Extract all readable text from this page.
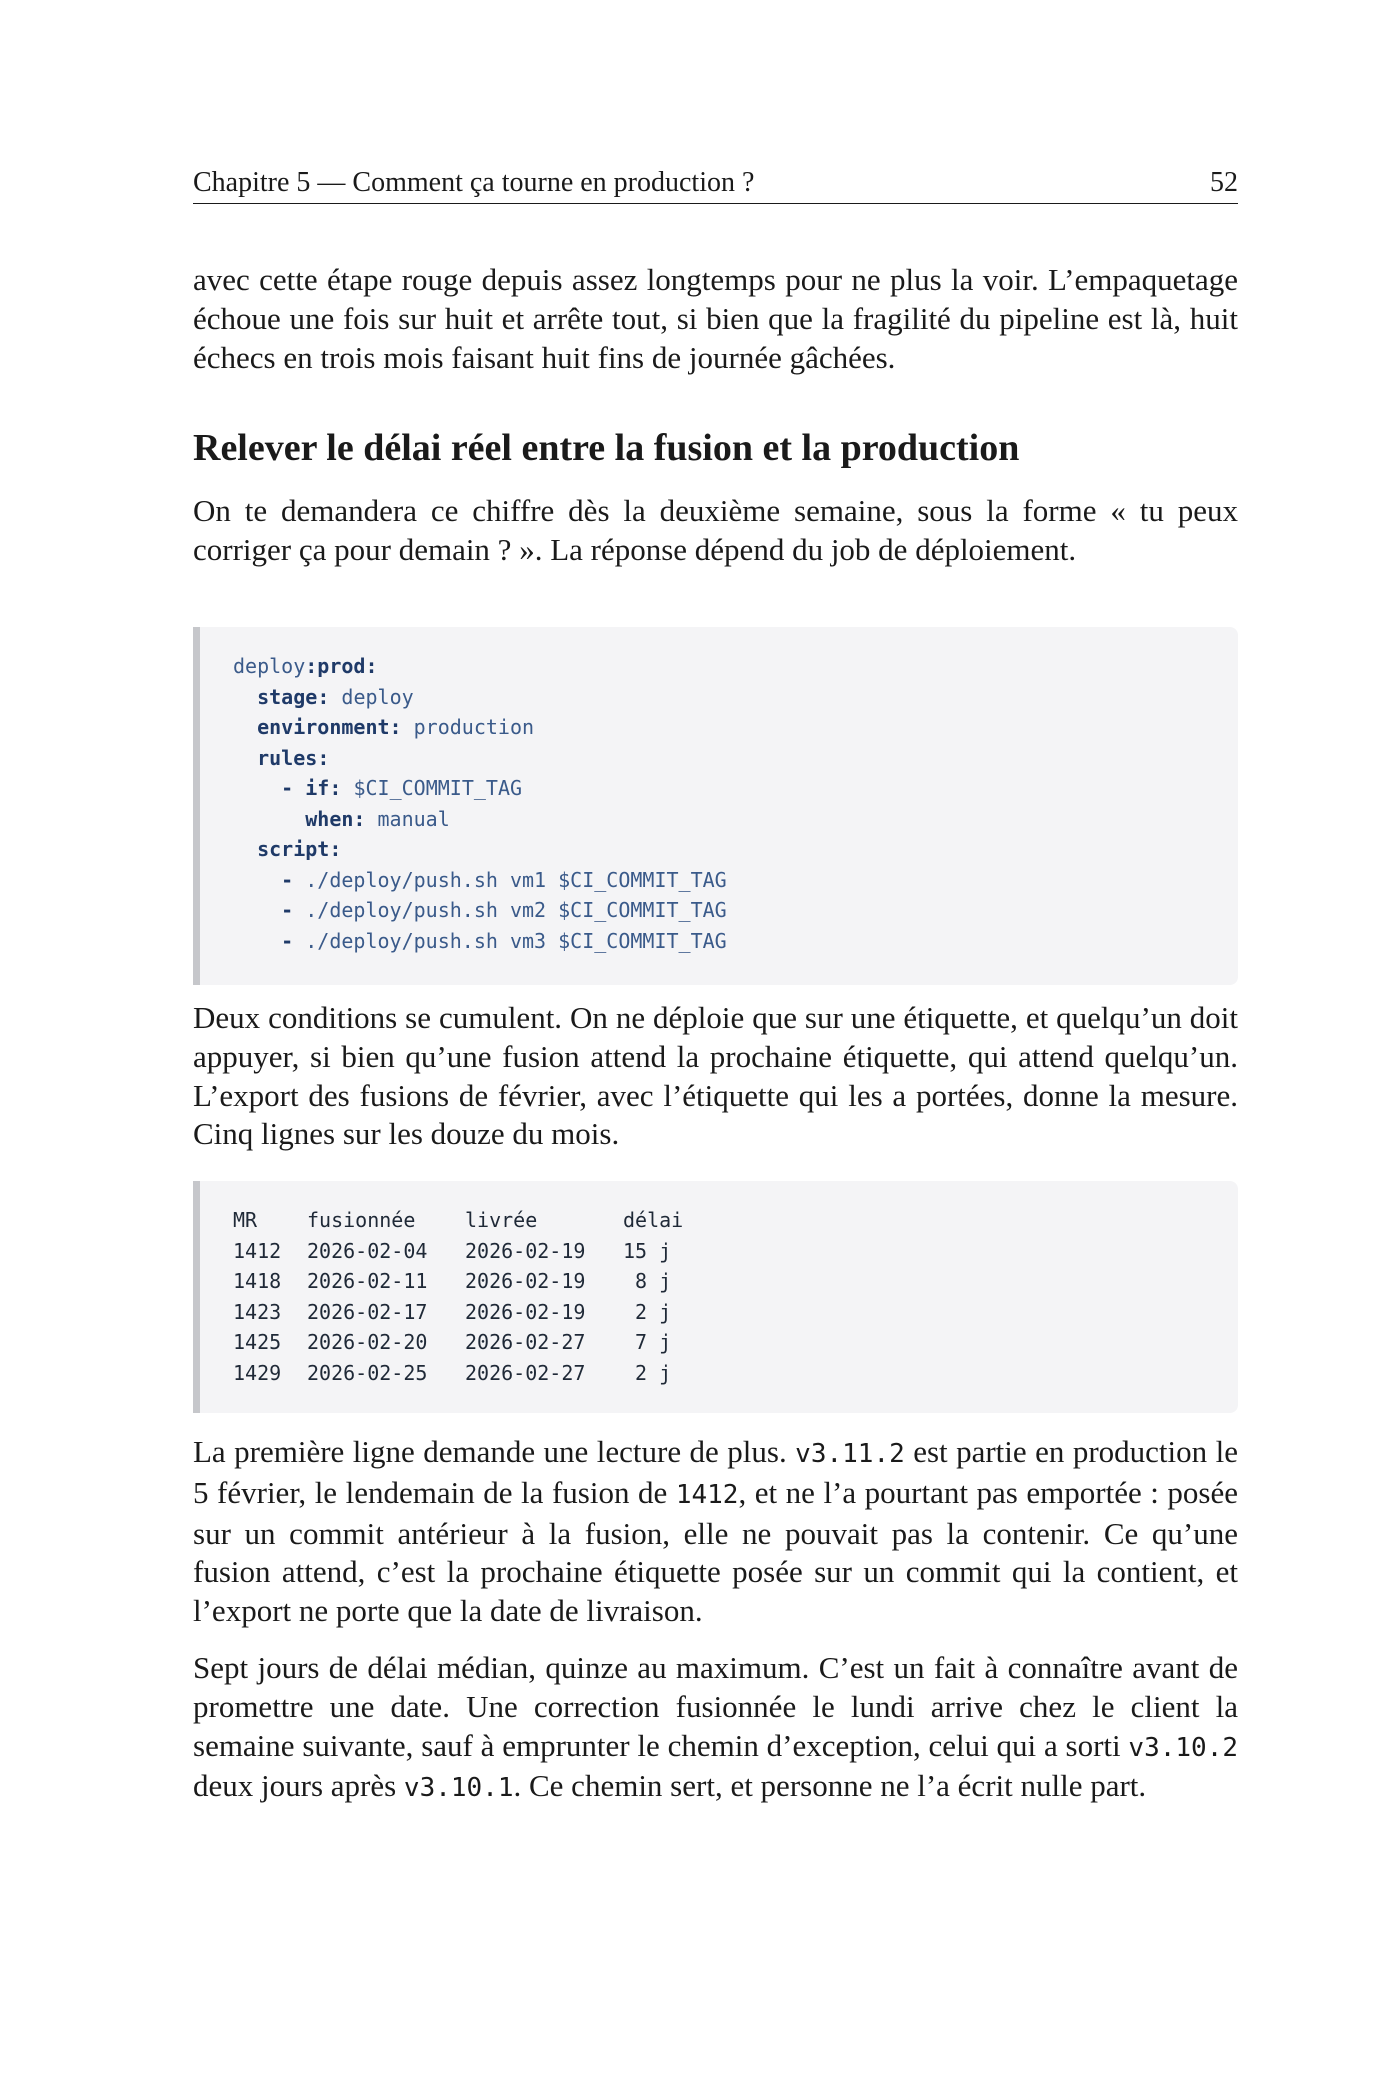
Chapitre 5 — Comment ça tourne en production ?	52

avec cette étape rouge depuis assez longtemps pour ne plus la voir. L’empaquetage échoue une fois sur huit et arrête tout, si bien que la fragilité du pipeline est là, huit échecs en trois mois faisant huit fins de journée gâchées.

Relever le délai réel entre la fusion et la production

On te demandera ce chiffre dès la deuxième semaine, sous la forme « tu peux corriger ça pour demain ? ». La réponse dépend du job de déploiement.

deploy:prod:
stage: deploy
environment: production
rules:
- if: $CI_COMMIT_TAG
when: manual
script:
- ./deploy/push.sh vm1 $CI_COMMIT_TAG
- ./deploy/push.sh vm2 $CI_COMMIT_TAG
- ./deploy/push.sh vm3 $CI_COMMIT_TAG

Deux conditions se cumulent. On ne déploie que sur une étiquette, et quelqu’un doit appuyer, si bien qu’une fusion attend la prochaine étiquette, qui attend quelqu’un. L’export des fusions de février, avec l’étiquette qui les a portées, donne la mesure. Cinq lignes sur les douze du mois.

MR	fusionnée	livrée	délai
1412	2026-02-04	2026-02-19	15 j
1418	2026-02-11	2026-02-19	8 j
1423	2026-02-17	2026-02-19	2 j
1425	2026-02-20	2026-02-27	7 j
1429	2026-02-25	2026-02-27	2 j

La première ligne demande une lecture de plus. v3.11.2 est partie en production le 5 février, le lendemain de la fusion de 1412, et ne l’a pourtant pas emportée : posée sur un commit antérieur à la fusion, elle ne pouvait pas la contenir. Ce qu’une fusion attend, c’est la prochaine étiquette posée sur un commit qui la contient, et l’export ne porte que la date de livraison.

Sept jours de délai médian, quinze au maximum. C’est un fait à connaître avant de promettre une date. Une correction fusionnée le lundi arrive chez le client la semaine suivante, sauf à emprunter le chemin d’exception, celui qui a sorti v3.10.2 deux jours après v3.10.1. Ce chemin sert, et personne ne l’a écrit nulle part.
